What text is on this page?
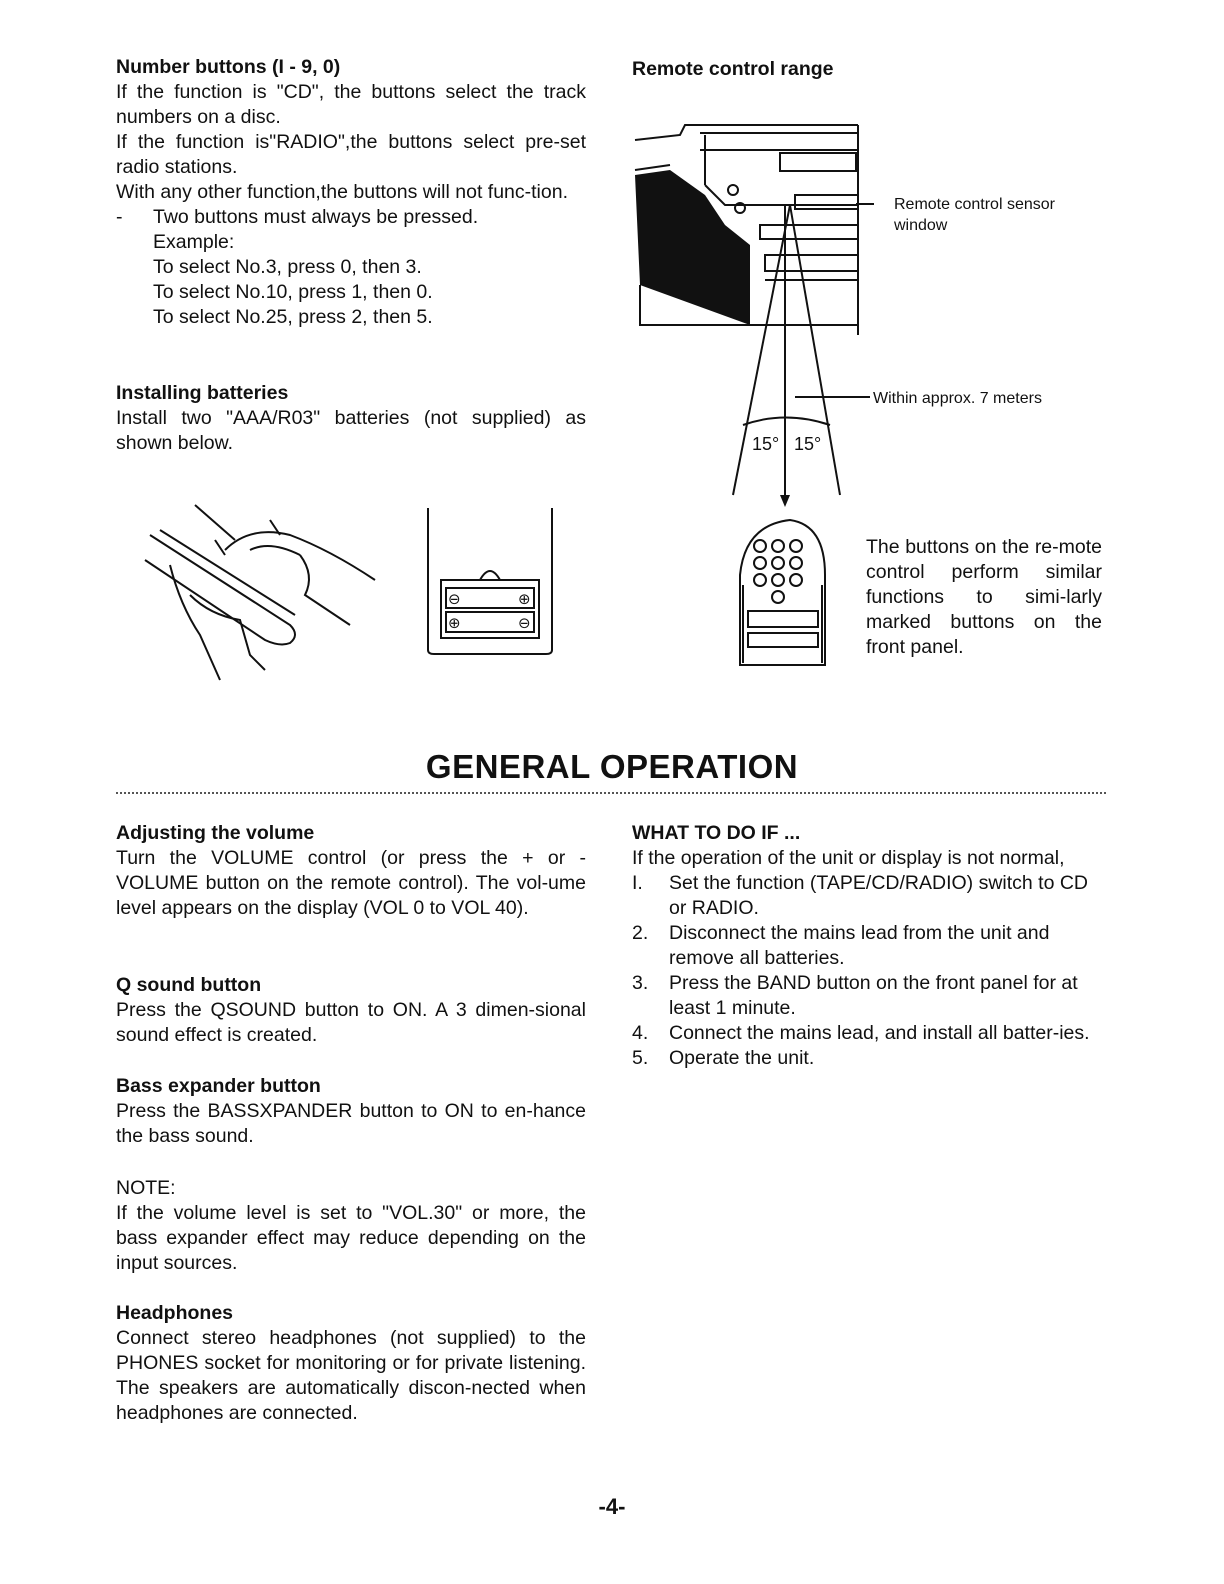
Number buttons (I - 9, 0)

If the function is "CD", the buttons select the track numbers on a disc.

If the function is"RADIO",the buttons select pre-set radio stations.

With any other function,the buttons will not func-tion.

- Two buttons must always be pressed.
Example:
To select No.3, press 0, then 3.
To select No.10, press 1, then 0.
To select No.25, press 2, then 5.
Installing batteries

Install two "AAA/R03" batteries (not supplied) as shown below.

⊖	⊕
⊕	⊖
Remote control range
15° 15°
Remote control sensor
window
Within approx. 7 meters
The buttons on the re-mote control perform similar functions to simi-larly marked buttons on the front panel.
GENERAL OPERATION
Adjusting the volume

Turn the VOLUME control (or press the + or - VOLUME button on the remote control). The vol-ume level appears on the display (VOL 0 to VOL 40).

Q sound button

Press the QSOUND button to ON. A 3 dimen-sional sound effect is created.

Bass expander button

Press the BASSXPANDER button to ON to en-hance the bass sound.

NOTE:

If the volume level is set to "VOL.30" or more, the bass expander effect may reduce depending on the input sources.

Headphones

Connect stereo headphones (not supplied) to the PHONES socket for monitoring or for private listening. The speakers are automatically discon-nected when headphones are connected.

WHAT TO DO IF ...

If the operation of the unit or display is not normal,

I. Set the function (TAPE/CD/RADIO) switch to CD or RADIO.
2. Disconnect the mains lead from the unit and remove all batteries.
3. Press the BAND button on the front panel for at least 1 minute.
4. Connect the mains lead, and install all batter-ies.
5. Operate the unit.
-4-
